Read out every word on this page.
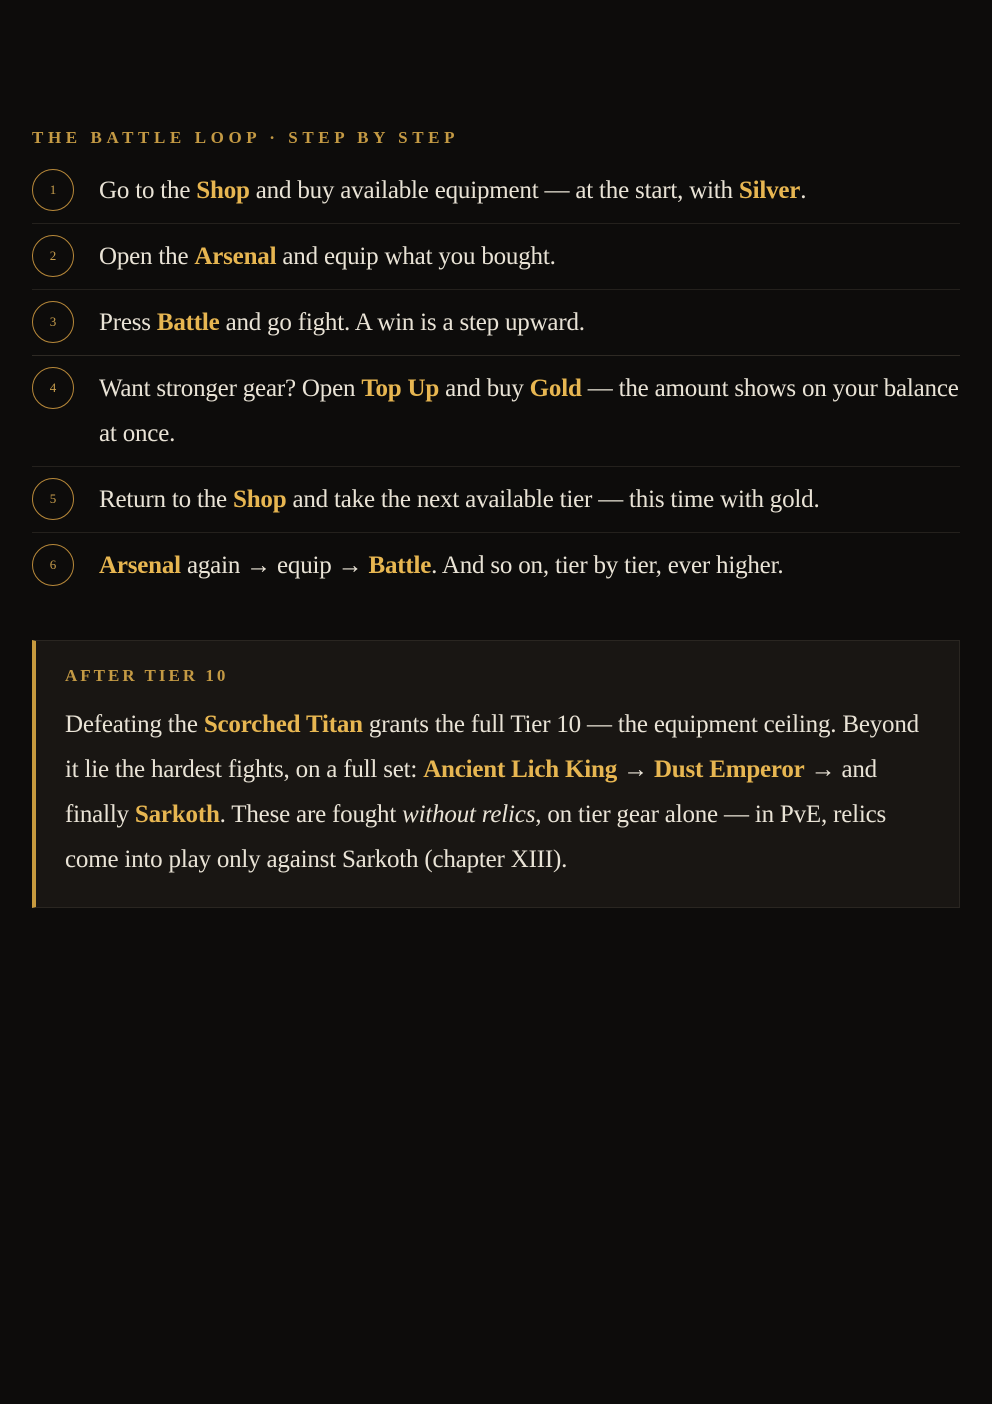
THE BATTLE LOOP · STEP BY STEP
1	Go to the Shop and buy available equipment — at the start, with Silver.
2	Open the Arsenal and equip what you bought.
3	Press Battle and go fight. A win is a step upward.
4	Want stronger gear? Open Top Up and buy Gold — the amount shows on your balance at once.
5	Return to the Shop and take the next available tier — this time with gold.
6	Arsenal again → equip → Battle. And so on, tier by tier, ever higher.
AFTER TIER 10

Defeating the Scorched Titan grants the full Tier 10 — the equipment ceiling. Beyond it lie the hardest fights, on a full set: Ancient Lich King → Dust Emperor → and finally Sarkoth. These are fought without relics, on tier gear alone — in PvE, relics come into play only against Sarkoth (chapter XIII).
